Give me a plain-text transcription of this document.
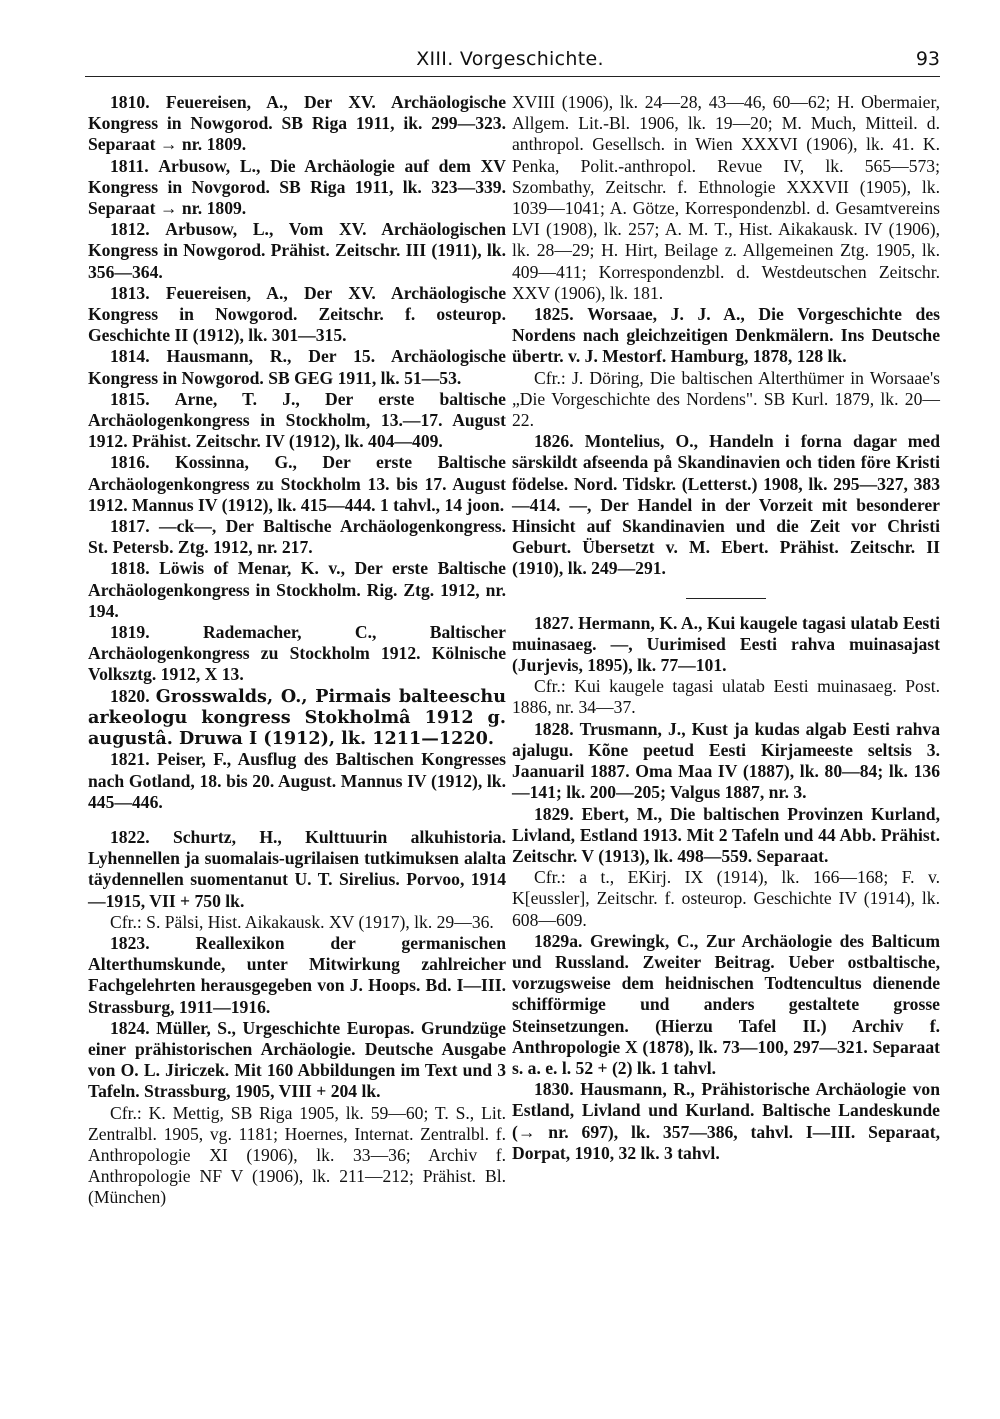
XIII. Vorgeschichte.	93

1810. Feuereisen, A., Der XV. Archäologische Kongress in Nowgorod. SB Riga 1911, ik. 299—323. Separaat → nr. 1809.

1811. Arbusow, L., Die Archäologie auf dem XV Kongress in Novgorod. SB Riga 1911, lk. 323—339. Separaat → nr. 1809.

1812. Arbusow, L., Vom XV. Archäologischen Kongress in Nowgorod. Prähist. Zeitschr. III (1911), lk. 356—364.

1813. Feuereisen, A., Der XV. Archäologische Kongress in Nowgorod. Zeitschr. f. osteurop. Geschichte II (1912), lk. 301—315.

1814. Hausmann, R., Der 15. Archäologische Kongress in Nowgorod. SB GEG 1911, lk. 51—53.

1815. Arne, T. J., Der erste baltische Archäologenkongress in Stockholm, 13.—17. August 1912. Prähist. Zeitschr. IV (1912), lk. 404—409.

1816. Kossinna, G., Der erste Baltische Archäologenkongress zu Stockholm 13. bis 17. August 1912. Mannus IV (1912), lk. 415—444. 1 tahvl., 14 joon.

1817. —ck—, Der Baltische Archäologenkongress. St. Petersb. Ztg. 1912, nr. 217.

1818. Löwis of Menar, K. v., Der erste Baltische Archäologenkongress in Stockholm. Rig. Ztg. 1912, nr. 194.

1819.	Rademacher, C., Baltischer Archäologenkongress zu Stockholm 1912. Kölnische Volksztg. 1912, X 13.

1820. Grosswalds, O., Pirmais balteeschu arkeologu kongress Stokholmâ 1912 g. augustâ. Druwa I (1912), lk. 1211—1220.

1821. Peiser, F., Ausflug des Baltischen Kongresses nach Gotland, 18. bis 20. August. Mannus IV (1912), lk. 445—446.

1822. Schurtz, H., Kulttuurin alkuhistoria. Lyhennellen ja suomalais-ugrilaisen tutkimuksen alalta täydennellen suomentanut U. T. Sirelius. Porvoo, 1914—1915, VII + 750 lk.
Cfr.: S. Pälsi, Hist. Aikakausk. XV (1917), lk. 29—36.

1823.	Reallexikon der germanischen Alterthumskunde, unter Mitwirkung zahlreicher Fachgelehrten herausgegeben von J. Hoops. Bd. I—III. Strassburg, 1911—1916.

1824. Müller, S., Urgeschichte Europas. Grundzüge einer prähistorischen Archäologie. Deutsche Ausgabe von O. L. Jiriczek. Mit 160 Abbildungen im Text und 3 Tafeln. Strassburg, 1905, VIII + 204 lk.
Cfr.: K. Mettig, SB Riga 1905, lk. 59—60; T. S., Lit. Zentralbl. 1905, vg. 1181; Hoernes, Internat. Zentralbl. f. Anthropologie XI (1906), lk. 33—36; Archiv f. Anthropologie NF V (1906), lk. 211—212; Prähist. Bl. (München)

XVIII (1906), lk. 24—28, 43—46, 60—62; H. Obermaier, Allgem. Lit.-Bl. 1906, lk. 19—20; M. Much, Mitteil. d. anthropol. Gesellsch. in Wien XXXVI (1906), lk. 41. K. Penka, Polit.-anthropol. Revue IV, lk. 565—573; Szombathy, Zeitschr. f. Ethnologie XXXVII (1905), lk. 1039—1041; A. Götze, Korrespondenzbl. d. Gesamtvereins LVI (1908), lk. 257; A. M. T., Hist. Aikakausk. IV (1906), lk. 28—29; H. Hirt, Beilage z. Allgemeinen Ztg. 1905, lk. 409—411; Korrespondenzbl. d. Westdeutschen Zeitschr. XXV (1906), lk. 181.

1825. Worsaae, J. J. A., Die Vorgeschichte des Nordens nach gleichzeitigen Denkmälern. Ins Deutsche übertr. v. J. Mestorf. Hamburg, 1878, 128 lk.
Cfr.: J. Döring, Die baltischen Alterthümer in Worsaae's „Die Vorgeschichte des Nordens". SB Kurl. 1879, lk. 20—22.

1826. Montelius, O., Handeln i forna dagar med särskildt afseenda på Skandinavien och tiden före Kristi födelse. Nord. Tidskr. (Letterst.) 1908, lk. 295—327, 383—414. —, Der Handel in der Vorzeit mit besonderer Hinsicht auf Skandinavien und die Zeit vor Christi Geburt. Übersetzt v. M. Ebert. Prähist. Zeitschr. II (1910), lk. 249—291.

1827. Hermann, K. A., Kui kaugele tagasi ulatab Eesti muinasaeg. —, Uurimised Eesti rahva muinasajast (Jurjevis, 1895), lk. 77—101.
Cfr.: Kui kaugele tagasi ulatab Eesti muinasaeg. Post. 1886, nr. 34—37.

1828. Trusmann, J., Kust ja kudas algab Eesti rahva ajalugu. Kõne peetud Eesti Kirjameeste seltsis 3. Jaanuaril 1887. Oma Maa IV (1887), lk. 80—84; lk. 136—141; lk. 200—205; Valgus 1887, nr. 3.

1829. Ebert, M., Die baltischen Provinzen Kurland, Livland, Estland 1913. Mit 2 Tafeln und 44 Abb. Prähist. Zeitschr. V (1913), lk. 498—559. Separaat.
Cfr.: a t., EKirj. IX (1914), lk. 166—168; F. v. K[eussler], Zeitschr. f. osteurop. Geschichte IV (1914), lk. 608—609.

1829a. Grewingk, C., Zur Archäologie des Balticum und Russland. Zweiter Beitrag. Ueber ostbaltische, vorzugsweise dem heidnischen Todtencultus dienende schifförmige und anders gestaltete grosse Steinsetzungen. (Hierzu Tafel II.) Archiv f. Anthropologie X (1878), lk. 73—100, 297—321. Separaat s. a. e. l. 52 + (2) lk. 1 tahvl.

1830. Hausmann, R., Prähistorische Archäologie von Estland, Livland und Kurland. Baltische Landeskunde (→ nr. 697), lk. 357—386, tahvl. I—III. Separaat, Dorpat, 1910, 32 lk. 3 tahvl.
